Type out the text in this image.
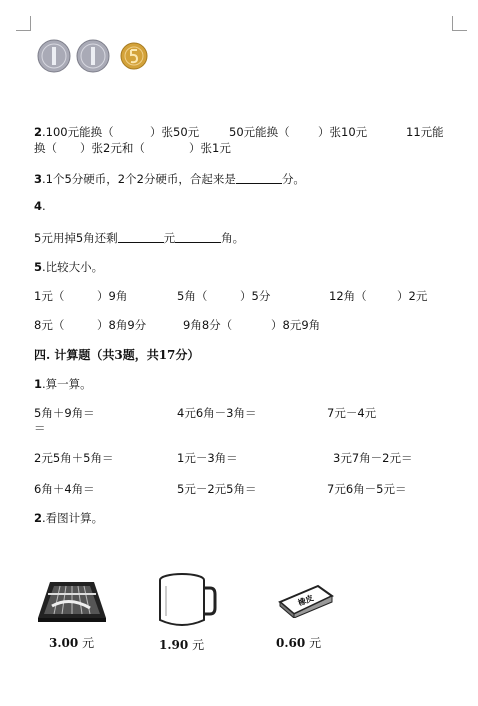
2.100元能换（	）张50元	50元能换（ ）张10元	11元能
换（ ）张2元和（	）张1元
3.1个5分硬币，2个2分硬币，合起来是	分。
4.
5元用掉5角还剩	元	角。
5.比较大小。
1元（	）9角	5角（	）5分	12角（	）2元
8元（	）8角9分	9角8分（	）8元9角
四. 计算题（共3题，共17分）
1.算一算。
5角＋9角＝	4元6角－3角＝	7元－4元
＝
2元5角＋5角＝	1元－3角＝	3元7角－2元＝
6角＋4角＝	5元－2元5角＝	7元6角－5元＝
2.看图计算。
3.00 元	1.90 元
橡皮
0.60 元
